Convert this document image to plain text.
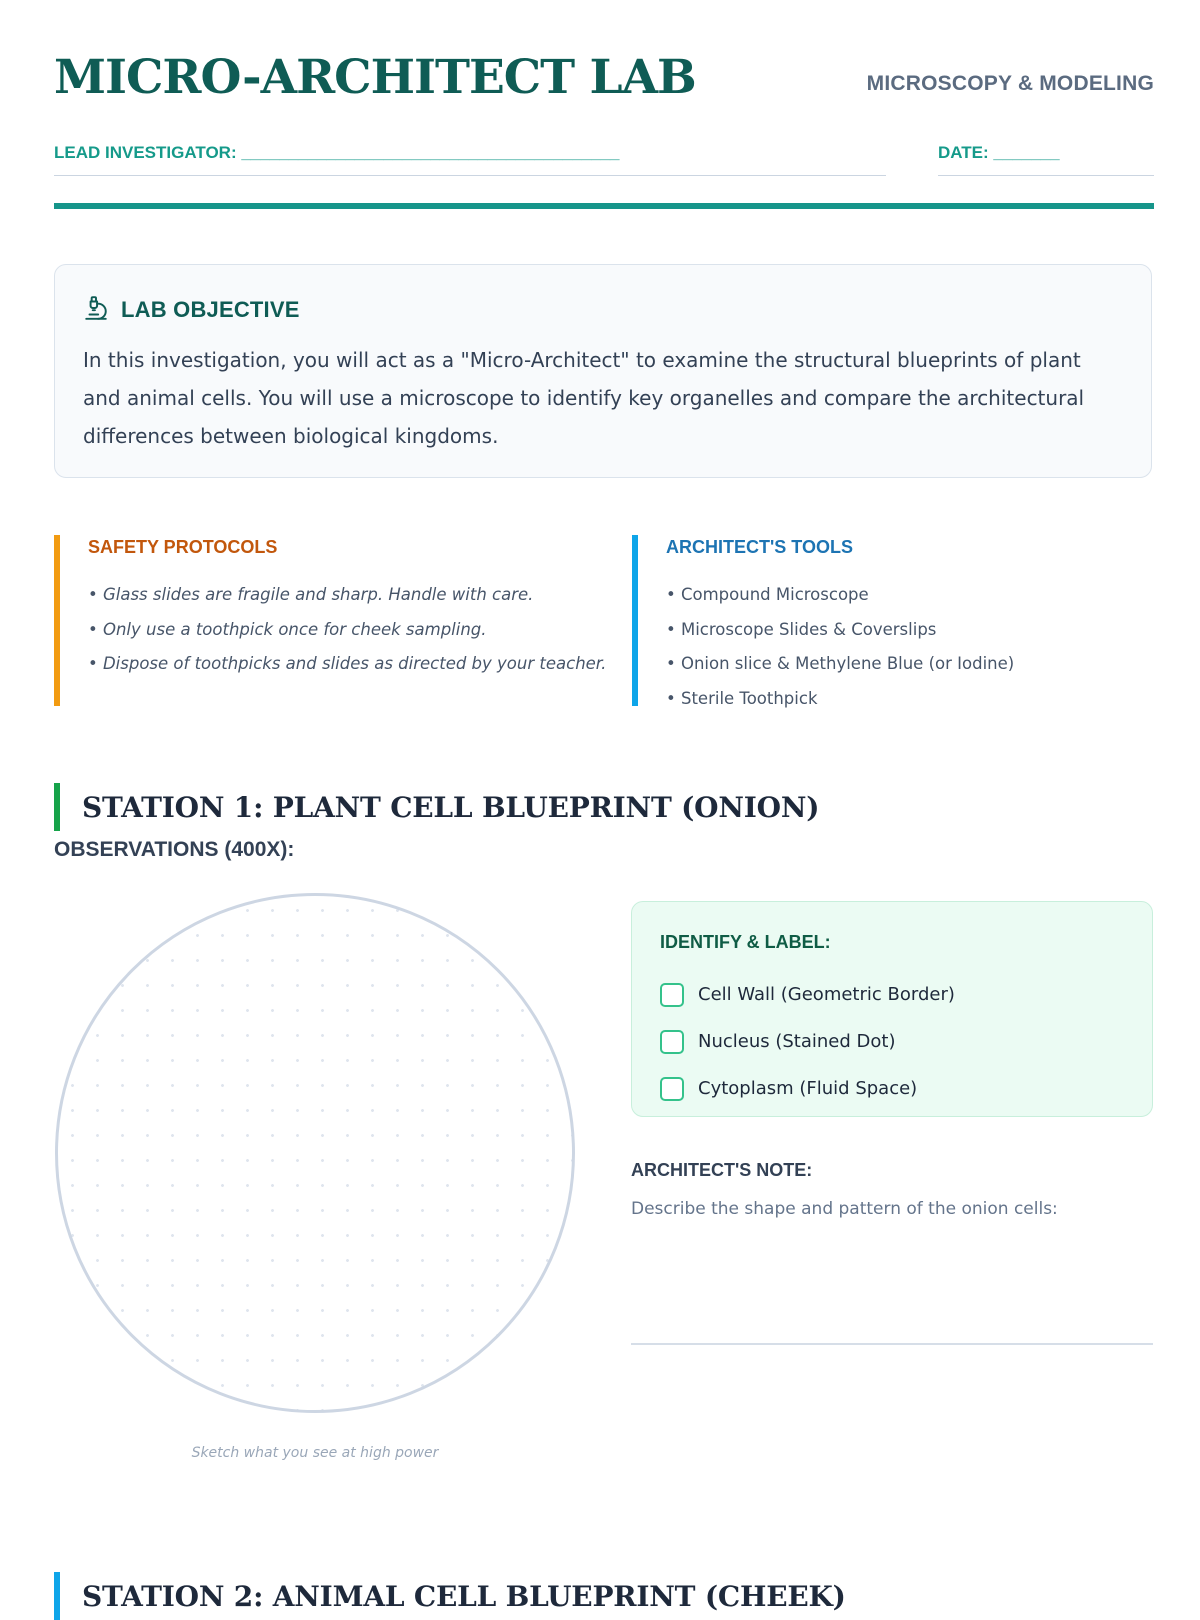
MICRO-ARCHITECT LAB	MICROSCOPY & MODELING
LEAD INVESTIGATOR: ________________________________________	DATE: _______
LAB OBJECTIVE

In this investigation, you will act as a "Micro-Architect" to examine the structural blueprints of plant and animal cells. You will use a microscope to identify key organelles and compare the architectural differences between biological kingdoms.

SAFETY PROTOCOLS
• Glass slides are fragile and sharp. Handle with care.
• Only use a toothpick once for cheek sampling.
• Dispose of toothpicks and slides as directed by your teacher.
ARCHITECT'S TOOLS
• Compound Microscope
• Microscope Slides & Coverslips
• Onion slice & Methylene Blue (or Iodine)
• Sterile Toothpick
STATION 1: PLANT CELL BLUEPRINT (ONION)
OBSERVATIONS (400X):
Sketch what you see at high power
IDENTIFY & LABEL:
Cell Wall (Geometric Border)
Nucleus (Stained Dot)
Cytoplasm (Fluid Space)
ARCHITECT'S NOTE:
Describe the shape and pattern of the onion cells:
STATION 2: ANIMAL CELL BLUEPRINT (CHEEK)
